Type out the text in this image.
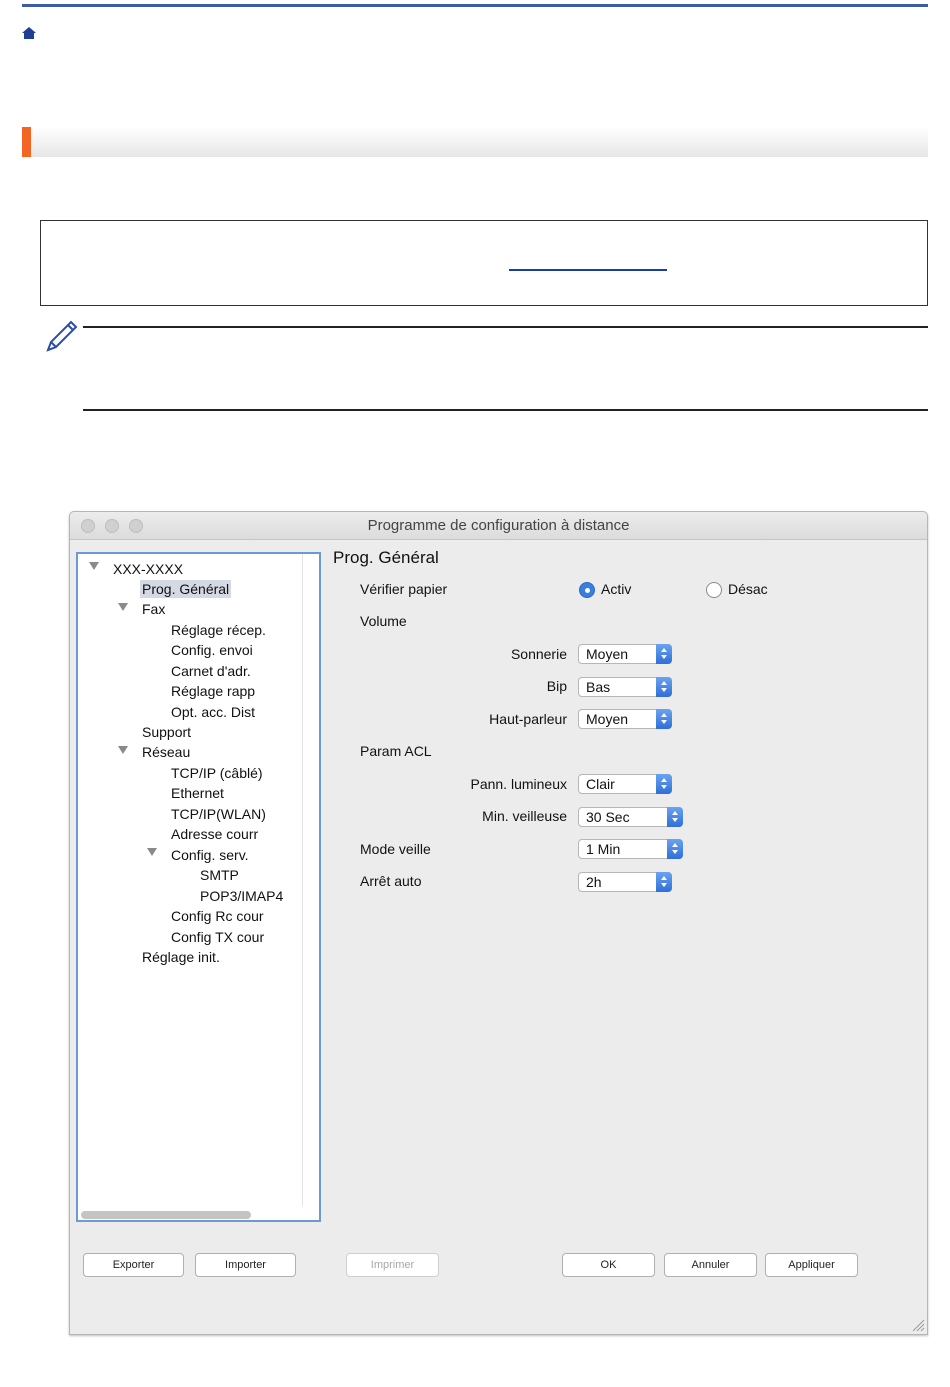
Programme de configuration à distance
XXX-XXXX
Prog. Général
Fax
Réglage récep.
Config. envoi
Carnet d'adr.
Réglage rapp
Opt. acc. Dist
Support
Réseau
TCP/IP (câblé)
Ethernet
TCP/IP(WLAN)
Adresse courr
Config. serv.
SMTP
POP3/IMAP4
Config Rc cour
Config TX cour
Réglage init.
Prog. Général
Vérifier papier	Activ	Désac
Volume
Sonnerie	Moyen
Bip	Bas
Haut-parleur	Moyen
Param ACL
Pann. lumineux	Clair
Min. veilleuse	30 Sec
Mode veille	1 Min
Arrêt auto	2h
Exporter	Importer	Imprimer	OK	Annuler	Appliquer
